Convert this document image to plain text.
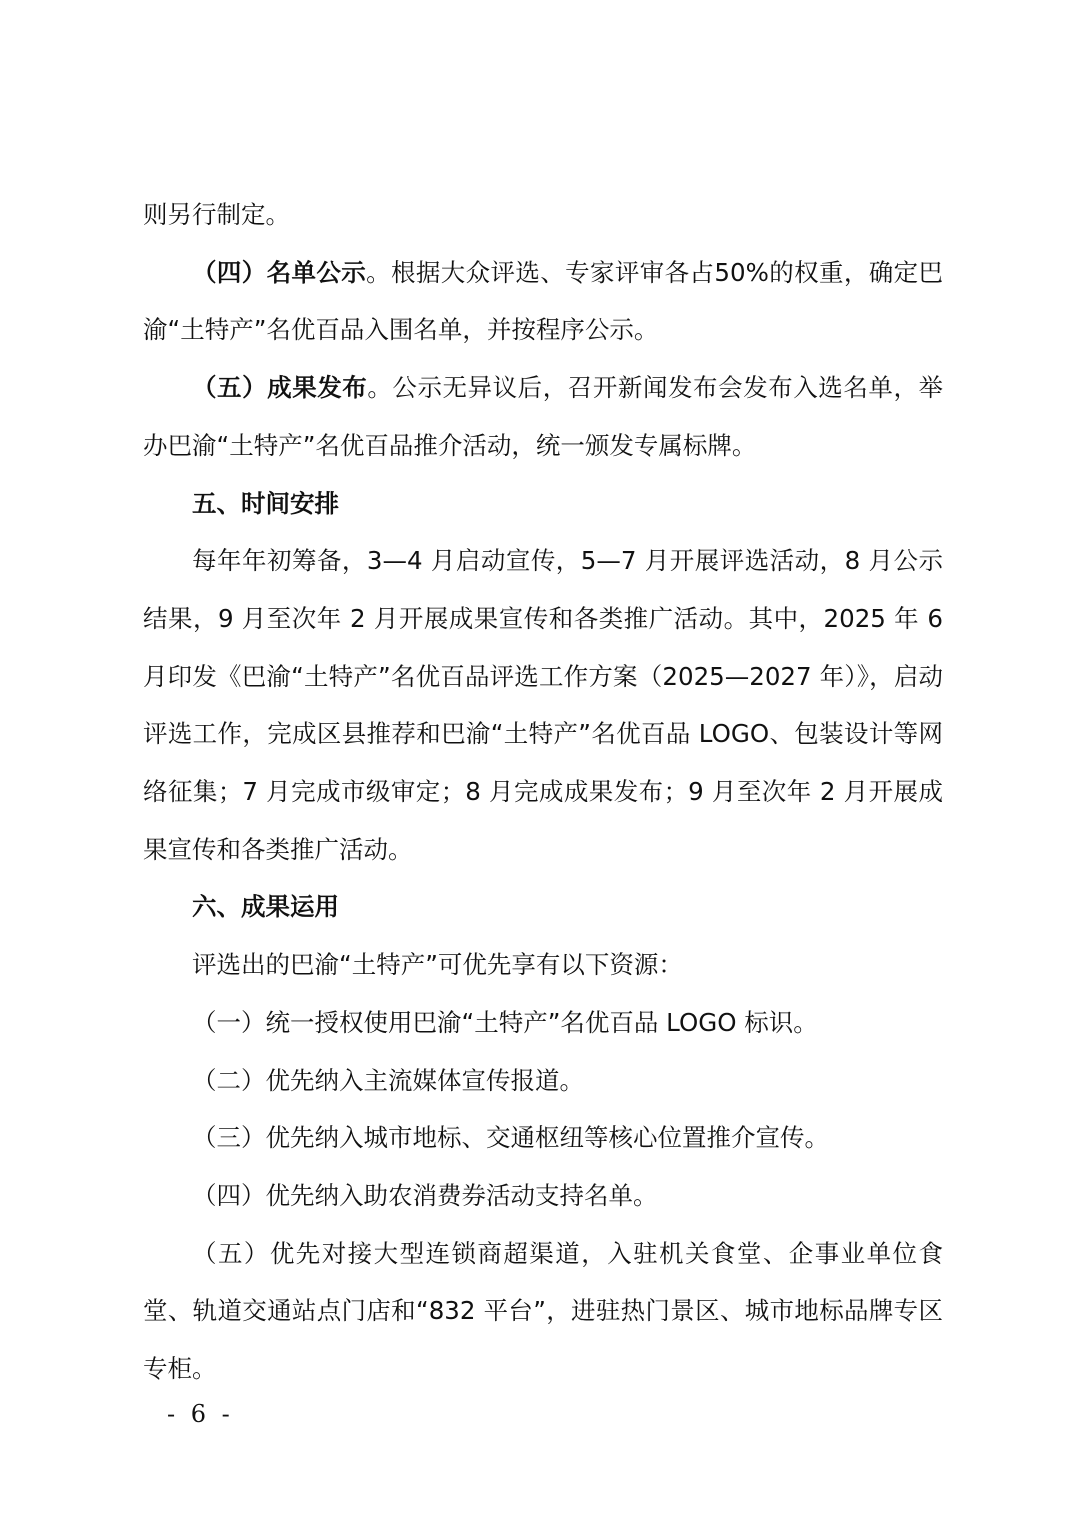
则另行制定。

（四）名单公示。根据大众评选、专家评审各占50%的权重，确定巴渝“土特产”名优百品入围名单，并按程序公示。

（五）成果发布。公示无异议后，召开新闻发布会发布入选名单，举办巴渝“土特产”名优百品推介活动，统一颁发专属标牌。

五、时间安排

每年年初筹备，3—4 月启动宣传，5—7 月开展评选活动，8 月公示结果，9 月至次年 2 月开展成果宣传和各类推广活动。其中，2025 年 6 月印发《巴渝“土特产”名优百品评选工作方案（2025—2027 年）》，启动评选工作，完成区县推荐和巴渝“土特产”名优百品 LOGO、包装设计等网络征集；7 月完成市级审定；8 月完成成果发布；9 月至次年 2 月开展成果宣传和各类推广活动。

六、成果运用

评选出的巴渝“土特产”可优先享有以下资源：

（一）统一授权使用巴渝“土特产”名优百品 LOGO 标识。

（二）优先纳入主流媒体宣传报道。

（三）优先纳入城市地标、交通枢纽等核心位置推介宣传。

（四）优先纳入助农消费券活动支持名单。

（五）优先对接大型连锁商超渠道，入驻机关食堂、企事业单位食堂、轨道交通站点门店和“832 平台”，进驻热门景区、城市地标品牌专区专柜。

- 6 -
